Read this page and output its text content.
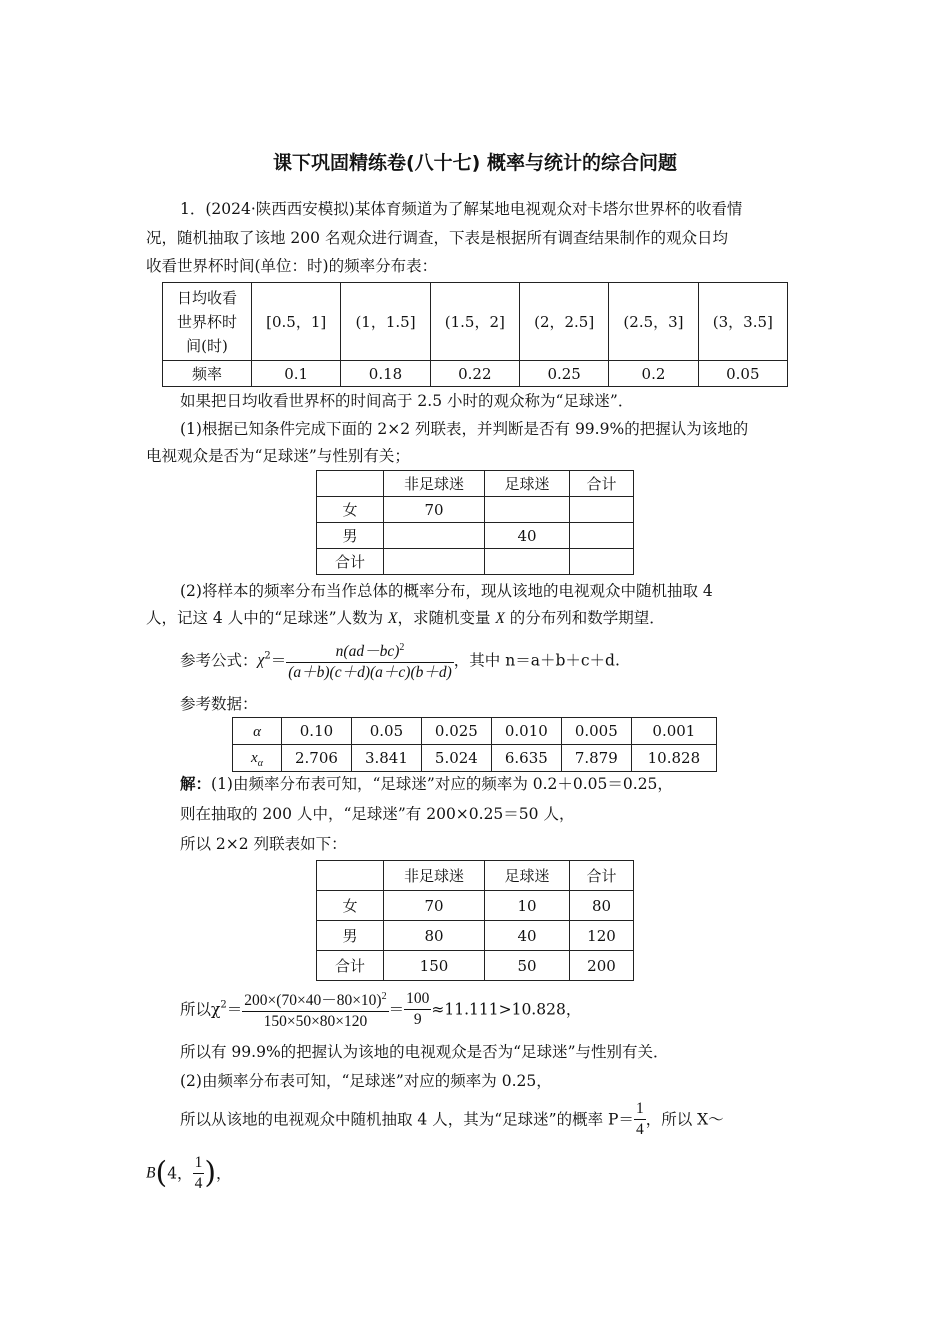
课下巩固精练卷(八十七) 概率与统计的综合问题
1．(2024·陕西西安模拟)某体育频道为了解某地电视观众对卡塔尔世界杯的收看情
况，随机抽取了该地 200 名观众进行调查，下表是根据所有调查结果制作的观众日均
收看世界杯时间(单位：时)的频率分布表：
日均收看
世界杯时
间(时)	[0.5，1]	(1，1.5]	(1.5，2]	(2，2.5]	(2.5，3]	(3，3.5]
频率	0.1	0.18	0.22	0.25	0.2	0.05
如果把日均收看世界杯的时间高于 2.5 小时的观众称为“足球迷”．
(1)根据已知条件完成下面的 2×2 列联表，并判断是否有 99.9%的把握认为该地的
电视观众是否为“足球迷”与性别有关；
	非足球迷	足球迷	合计
女	70		
男		40	
合计			
(2)将样本的频率分布当作总体的概率分布，现从该地的电视观众中随机抽取 4
人，记这 4 人中的“足球迷”人数为 X，求随机变量 X 的分布列和数学期望．
参考公式：$\chi^2= \frac{n(ad-bc)^2}{(a+b)(c+d)(a+c)(b+d)}$ ，其中 n＝a＋b＋c＋d.
参考数据：
α	0.10	0.05	0.025	0.010	0.005	0.001
$x_\alpha$	2.706	3.841	5.024	6.635	7.879	10.828
解：(1)由频率分布表可知，“足球迷”对应的频率为 0.2＋0.05＝0.25，
则在抽取的 200 人中，“足球迷”有 200×0.25＝50 人，
所以 2×2 列联表如下：
	非足球迷	足球迷	合计
女	70	10	80
男	80	40	120
合计	150	50	200
所以$\chi^2= \frac{200\times(70\times 40-80\times 10)^2}{150\times 50\times 80\times 120} = \frac{100}{9} \approx 11.111>10.828$，
所以有 99.9%的把握认为该地的电视观众是否为“足球迷”与性别有关．
(2)由频率分布表可知，“足球迷”对应的频率为 0.25，
所以从该地的电视观众中随机抽取 4 人，其为“足球迷”的概率 $P= \frac{1}{4}$ ，所以 X～
B(4， $\frac{1}{4}$ )，
